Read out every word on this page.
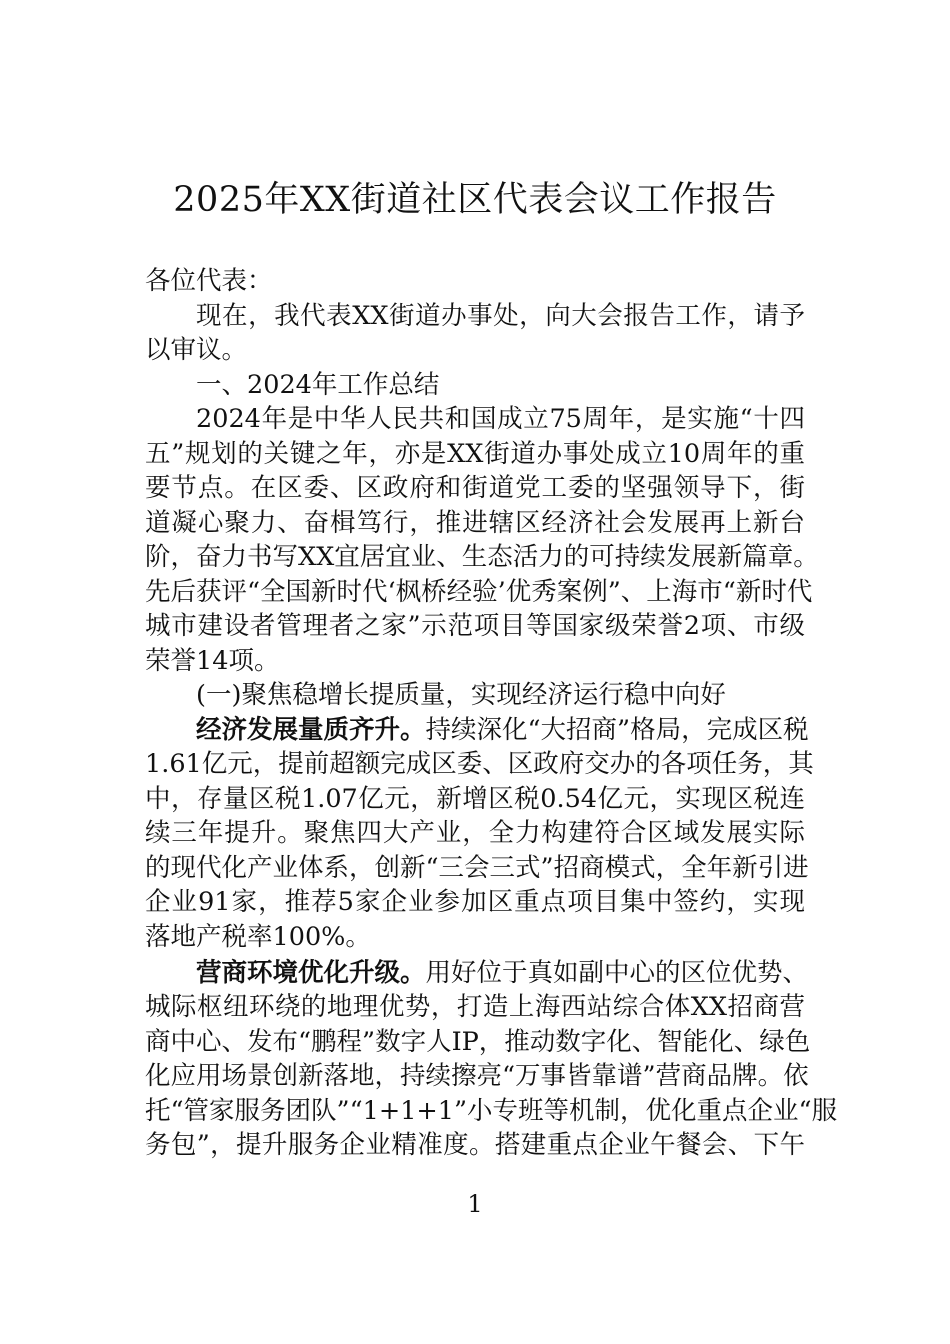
2025年XX街道社区代表会议工作报告
各位代表：
现在，我代表XX街道办事处，向大会报告工作，请予
以审议。
一、2024年工作总结
2024年是中华人民共和国成立75周年，是实施“十四
五”规划的关键之年，亦是XX街道办事处成立10周年的重
要节点。在区委、区政府和街道党工委的坚强领导下，街
道凝心聚力、奋楫笃行，推进辖区经济社会发展再上新台
阶，奋力书写XX宜居宜业、生态活力的可持续发展新篇章。
先后获评“全国新时代‘枫桥经验’优秀案例”、上海市“新时代
城市建设者管理者之家”示范项目等国家级荣誉2项、市级
荣誉14项。
(一)聚焦稳增长提质量，实现经济运行稳中向好
经济发展量质齐升。持续深化“大招商”格局，完成区税
1.61亿元，提前超额完成区委、区政府交办的各项任务，其
中，存量区税1.07亿元，新增区税0.54亿元，实现区税连
续三年提升。聚焦四大产业，全力构建符合区域发展实际
的现代化产业体系，创新“三会三式”招商模式，全年新引进
企业91家，推荐5家企业参加区重点项目集中签约，实现
落地产税率100%。
营商环境优化升级。用好位于真如副中心的区位优势、
城际枢纽环绕的地理优势，打造上海西站综合体XX招商营
商中心、发布“鹏程”数字人IP，推动数字化、智能化、绿色
化应用场景创新落地，持续擦亮“万事皆靠谱”营商品牌。依
托“管家服务团队”“1+1+1”小专班等机制，优化重点企业“服
务包”，提升服务企业精准度。搭建重点企业午餐会、下午
1
